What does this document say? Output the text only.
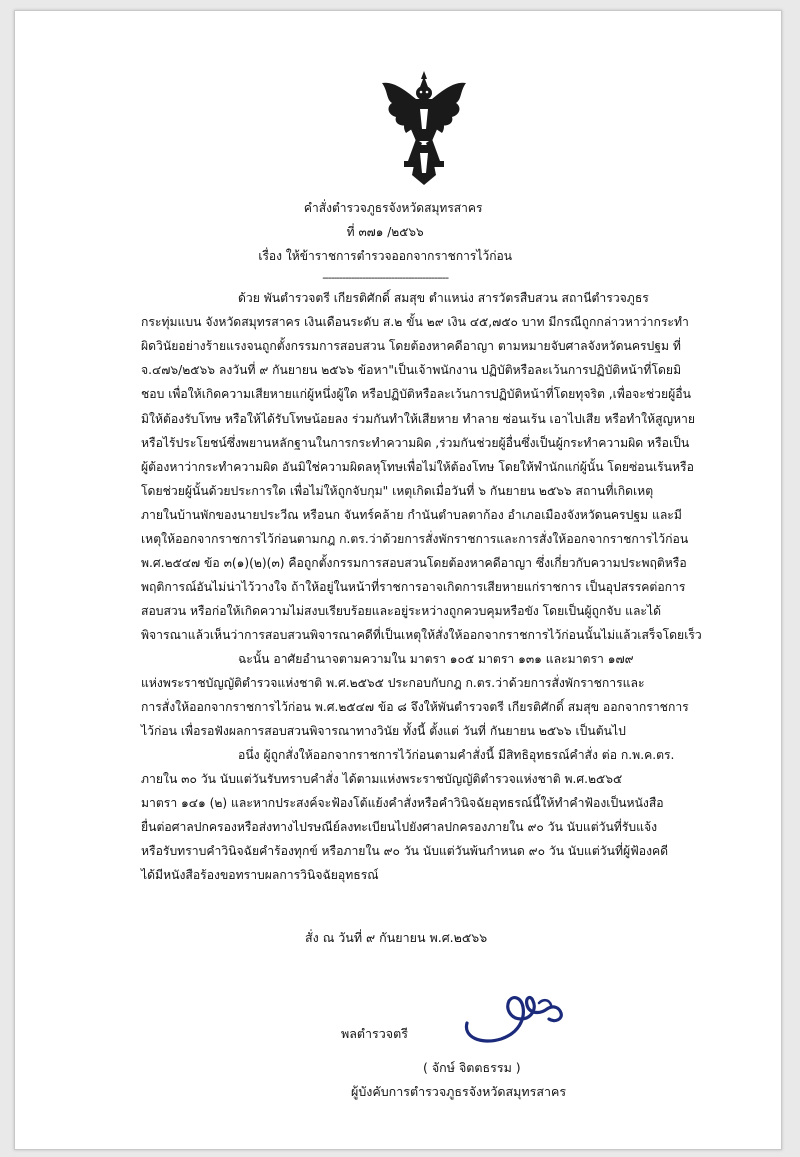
คำสั่งตำรวจภูธรจังหวัดสมุทรสาคร
ที่ ๓๗๑ /๒๕๖๖
เรื่อง ให้ข้าราชการตำรวจออกจากราชการไว้ก่อน
--------------------------------------------
ด้วย พันตำรวจตรี เกียรติศักดิ์ สมสุข ตำแหน่ง สารวัตรสืบสวน สถานีตำรวจภูธร
กระทุ่มแบน จังหวัดสมุทรสาคร เงินเดือนระดับ ส.๒ ขั้น ๒๙ เงิน ๔๕,๗๕๐ บาท มีกรณีถูกกล่าวหาว่ากระทำ
ผิดวินัยอย่างร้ายแรงจนถูกตั้งกรรมการสอบสวน โดยต้องหาคดีอาญา ตามหมายจับศาลจังหวัดนครปฐม ที่
จ.๔๗๖/๒๕๖๖ ลงวันที่ ๙ กันยายน ๒๕๖๖ ข้อหา"เป็นเจ้าพนักงาน ปฏิบัติหรือละเว้นการปฏิบัติหน้าที่โดยมิ
ชอบ เพื่อให้เกิดความเสียหายแก่ผู้หนึ่งผู้ใด หรือปฏิบัติหรือละเว้นการปฏิบัติหน้าที่โดยทุจริต ,เพื่อจะช่วยผู้อื่น
มิให้ต้องรับโทษ หรือให้ได้รับโทษน้อยลง ร่วมกันทำให้เสียหาย ทำลาย ซ่อนเร้น เอาไปเสีย หรือทำให้สูญหาย
หรือไร้ประโยชน์ซึ่งพยานหลักฐานในการกระทำความผิด ,ร่วมกันช่วยผู้อื่นซึ่งเป็นผู้กระทำความผิด หรือเป็น
ผู้ต้องหาว่ากระทำความผิด อันมิใช่ความผิดลหุโทษเพื่อไม่ให้ต้องโทษ โดยให้พำนักแก่ผู้นั้น โดยซ่อนเร้นหรือ
โดยช่วยผู้นั้นด้วยประการใด เพื่อไม่ให้ถูกจับกุม" เหตุเกิดเมื่อวันที่ ๖ กันยายน ๒๕๖๖ สถานที่เกิดเหตุ
ภายในบ้านพักของนายประวีณ หรือนก จันทร์คล้าย กำนันตำบลตาก้อง อำเภอเมืองจังหวัดนครปฐม และมี
เหตุให้ออกจากราชการไว้ก่อนตามกฎ ก.ตร.ว่าด้วยการสั่งพักราชการและการสั่งให้ออกจากราชการไว้ก่อน
พ.ศ.๒๕๔๗ ข้อ ๓(๑)(๒)(๓) คือถูกตั้งกรรมการสอบสวนโดยต้องหาคดีอาญา ซึ่งเกี่ยวกับความประพฤติหรือ
พฤติการณ์อันไม่น่าไว้วางใจ ถ้าให้อยู่ในหน้าที่ราชการอาจเกิดการเสียหายแก่ราชการ เป็นอุปสรรคต่อการ
สอบสวน หรือก่อให้เกิดความไม่สงบเรียบร้อยและอยู่ระหว่างถูกควบคุมหรือขัง โดยเป็นผู้ถูกจับ และได้
พิจารณาแล้วเห็นว่าการสอบสวนพิจารณาคดีที่เป็นเหตุให้สั่งให้ออกจากราชการไว้ก่อนนั้นไม่แล้วเสร็จโดยเร็ว
ฉะนั้น อาศัยอำนาจตามความใน มาตรา ๑๐๕ มาตรา ๑๓๑ และมาตรา ๑๗๙
แห่งพระราชบัญญัติตำรวจแห่งชาติ พ.ศ.๒๕๖๕ ประกอบกับกฎ ก.ตร.ว่าด้วยการสั่งพักราชการและ
การสั่งให้ออกจากราชการไว้ก่อน พ.ศ.๒๕๔๗ ข้อ ๘ จึงให้พันตำรวจตรี เกียรติศักดิ์ สมสุข ออกจากราชการ
ไว้ก่อน เพื่อรอฟังผลการสอบสวนพิจารณาทางวินัย ทั้งนี้ ตั้งแต่ วันที่ กันยายน ๒๕๖๖ เป็นต้นไป
อนึ่ง ผู้ถูกสั่งให้ออกจากราชการไว้ก่อนตามคำสั่งนี้ มีสิทธิอุทธรณ์คำสั่ง ต่อ ก.พ.ค.ตร.
ภายใน ๓๐ วัน นับแต่วันรับทราบคำสั่ง ได้ตามแห่งพระราชบัญญัติตำรวจแห่งชาติ พ.ศ.๒๕๖๕
มาตรา ๑๔๑ (๒) และหากประสงค์จะฟ้องโต้แย้งคำสั่งหรือคำวินิจฉัยอุทธรณ์นี้ให้ทำคำฟ้องเป็นหนังสือ
ยื่นต่อศาลปกครองหรือส่งทางไปรษณีย์ลงทะเบียนไปยังศาลปกครองภายใน ๙๐ วัน นับแต่วันที่รับแจ้ง
หรือรับทราบคำวินิจฉัยคำร้องทุกข์ หรือภายใน ๙๐ วัน นับแต่วันพ้นกำหนด ๙๐ วัน นับแต่วันที่ผู้ฟ้องคดี
ได้มีหนังสือร้องขอทราบผลการวินิจฉัยอุทธรณ์
สั่ง ณ วันที่ ๙ กันยายน พ.ศ.๒๕๖๖
พลตำรวจตรี
( จักษ์ จิตตธรรม )
ผู้บังคับการตำรวจภูธรจังหวัดสมุทรสาคร
